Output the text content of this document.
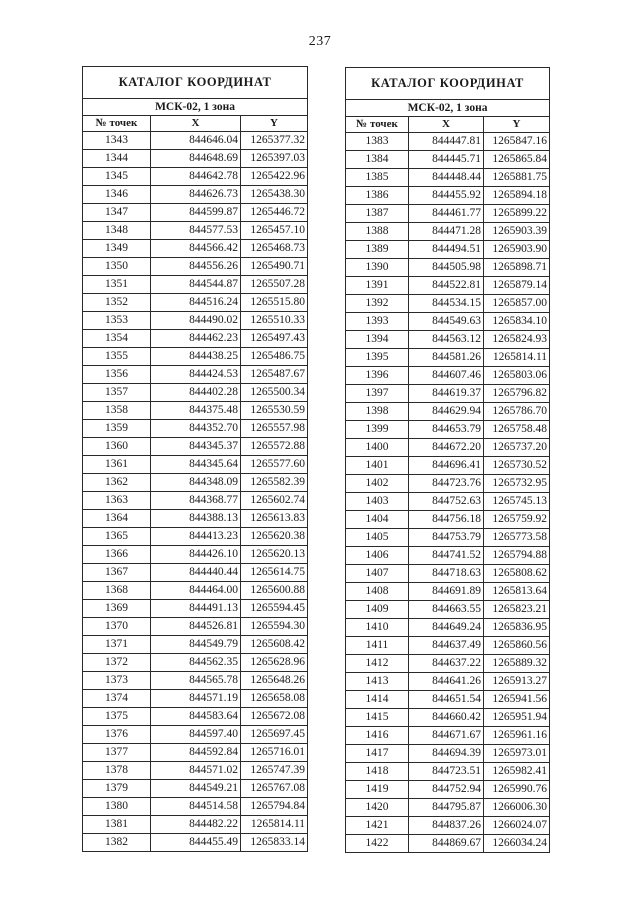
237
КАТАЛОГ КООРДИНАТ		
МСК-02, 1 зона		
№ точек	X	Y
1343	844646.04	1265377.32
1344	844648.69	1265397.03
1345	844642.78	1265422.96
1346	844626.73	1265438.30
1347	844599.87	1265446.72
1348	844577.53	1265457.10
1349	844566.42	1265468.73
1350	844556.26	1265490.71
1351	844544.87	1265507.28
1352	844516.24	1265515.80
1353	844490.02	1265510.33
1354	844462.23	1265497.43
1355	844438.25	1265486.75
1356	844424.53	1265487.67
1357	844402.28	1265500.34
1358	844375.48	1265530.59
1359	844352.70	1265557.98
1360	844345.37	1265572.88
1361	844345.64	1265577.60
1362	844348.09	1265582.39
1363	844368.77	1265602.74
1364	844388.13	1265613.83
1365	844413.23	1265620.38
1366	844426.10	1265620.13
1367	844440.44	1265614.75
1368	844464.00	1265600.88
1369	844491.13	1265594.45
1370	844526.81	1265594.30
1371	844549.79	1265608.42
1372	844562.35	1265628.96
1373	844565.78	1265648.26
1374	844571.19	1265658.08
1375	844583.64	1265672.08
1376	844597.40	1265697.45
1377	844592.84	1265716.01
1378	844571.02	1265747.39
1379	844549.21	1265767.08
1380	844514.58	1265794.84
1381	844482.22	1265814.11
1382	844455.49	1265833.14
КАТАЛОГ КООРДИНАТ		
МСК-02, 1 зона		
№ точек	X	Y
1383	844447.81	1265847.16
1384	844445.71	1265865.84
1385	844448.44	1265881.75
1386	844455.92	1265894.18
1387	844461.77	1265899.22
1388	844471.28	1265903.39
1389	844494.51	1265903.90
1390	844505.98	1265898.71
1391	844522.81	1265879.14
1392	844534.15	1265857.00
1393	844549.63	1265834.10
1394	844563.12	1265824.93
1395	844581.26	1265814.11
1396	844607.46	1265803.06
1397	844619.37	1265796.82
1398	844629.94	1265786.70
1399	844653.79	1265758.48
1400	844672.20	1265737.20
1401	844696.41	1265730.52
1402	844723.76	1265732.95
1403	844752.63	1265745.13
1404	844756.18	1265759.92
1405	844753.79	1265773.58
1406	844741.52	1265794.88
1407	844718.63	1265808.62
1408	844691.89	1265813.64
1409	844663.55	1265823.21
1410	844649.24	1265836.95
1411	844637.49	1265860.56
1412	844637.22	1265889.32
1413	844641.26	1265913.27
1414	844651.54	1265941.56
1415	844660.42	1265951.94
1416	844671.67	1265961.16
1417	844694.39	1265973.01
1418	844723.51	1265982.41
1419	844752.94	1265990.76
1420	844795.87	1266006.30
1421	844837.26	1266024.07
1422	844869.67	1266034.24
